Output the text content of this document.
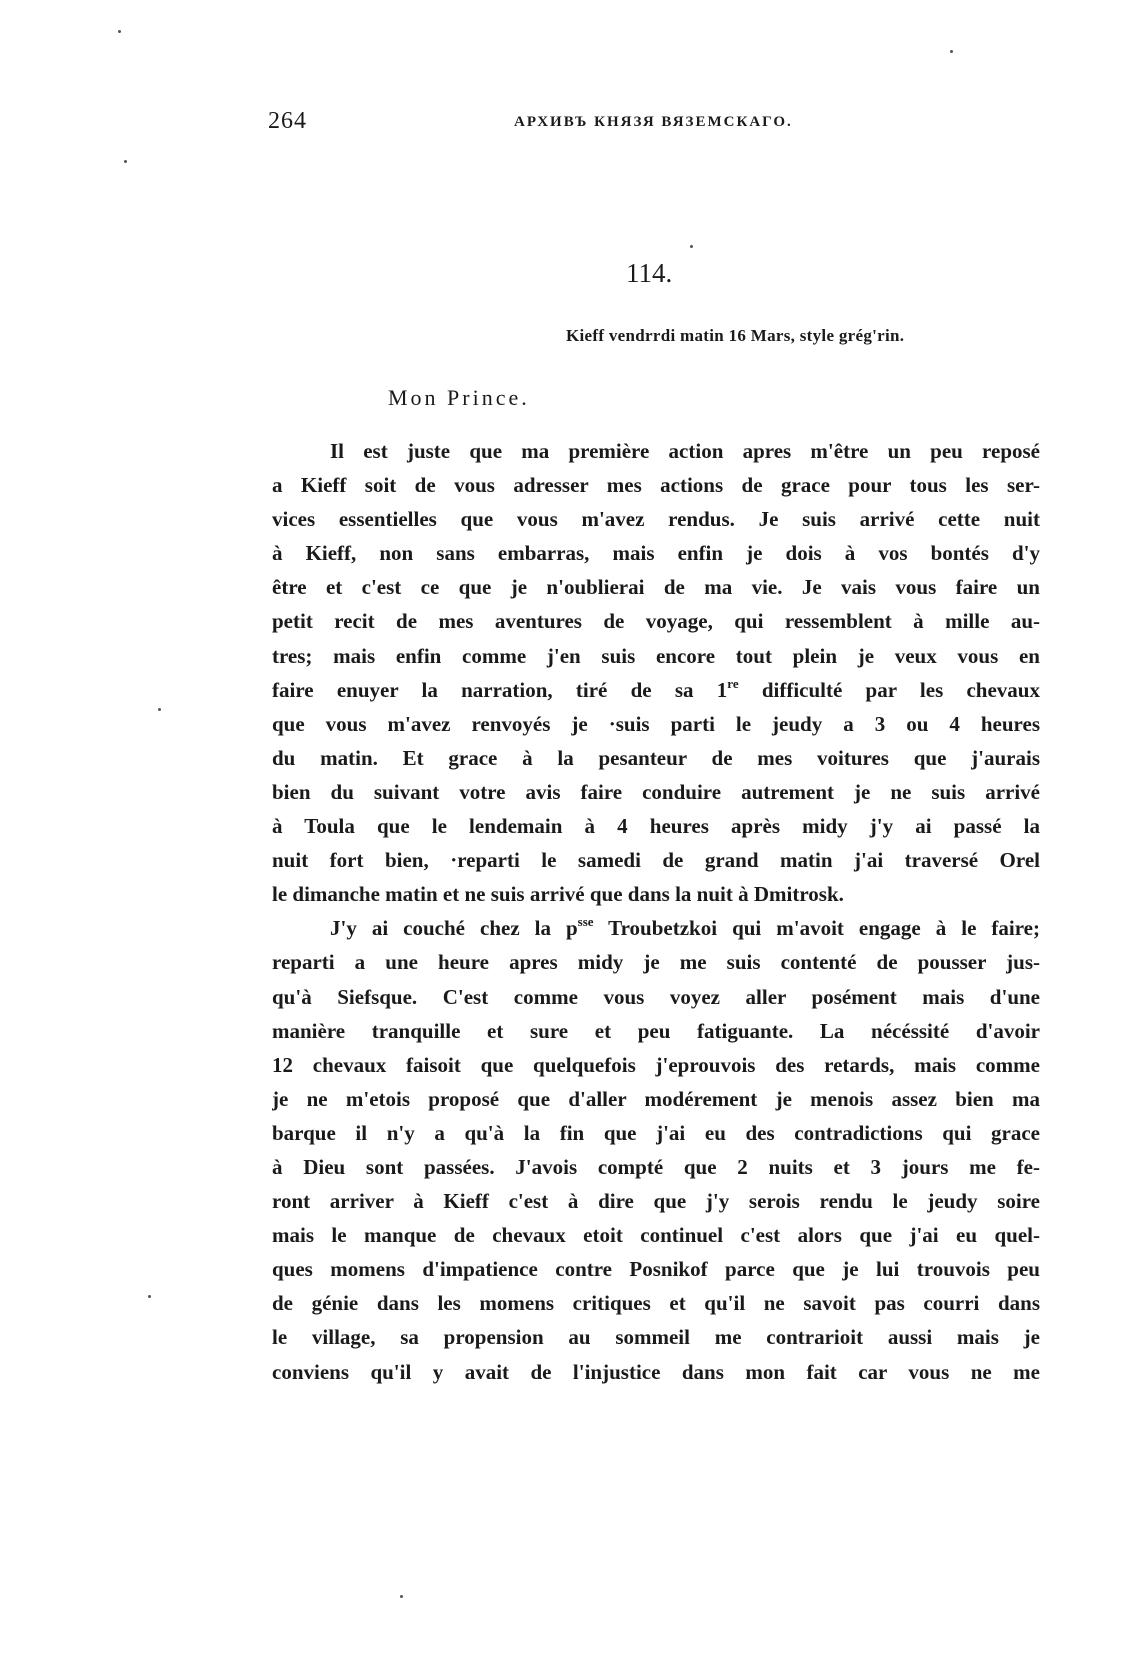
264	АРХИВЪ КНЯЗЯ ВЯЗЕМСКАГО.
114.
Kieff vendrrdi matin 16 Mars, style grég'rin.
Mon Prince.
Il est juste que ma première action apres m'être un peu reposé
a Kieff soit de vous adresser mes actions de grace pour tous les ser-
vices essentielles que vous m'avez rendus. Je suis arrivé cette nuit
à Kieff, non sans embarras, mais enfin je dois à vos bontés d'y
être et c'est ce que je n'oublierai de ma vie. Je vais vous faire un
petit recit de mes aventures de voyage, qui ressemblent à mille au-
tres; mais enfin comme j'en suis encore tout plein je veux vous en
faire enuyer la narration, tiré de sa 1re difficulté par les chevaux
que vous m'avez renvoyés je ·suis parti le jeudy a 3 ou 4 heures
du matin. Et grace à la pesanteur de mes voitures que j'aurais
bien du suivant votre avis faire conduire autrement je ne suis arrivé
à Toula que le lendemain à 4 heures après midy j'y ai passé la
nuit fort bien, ·reparti le samedi de grand matin j'ai traversé Orel
le dimanche matin et ne suis arrivé que dans la nuit à Dmitrosk.
J'y ai couché chez la $p^{sse}$ Troubetzkoi qui m'avoit engage à le faire;
reparti a une heure apres midy je me suis contenté de pousser jus-
qu'à Siefsque. C'est comme vous voyez aller posément mais d'une
manière tranquille et sure et peu fatiguante. La nécéssité d'avoir
12 chevaux faisoit que quelquefois j'eprouvois des retards, mais comme
je ne m'etois proposé que d'aller modérement je menois assez bien ma
barque il n'y a qu'à la fin que j'ai eu des contradictions qui grace
à Dieu sont passées. J'avois compté que 2 nuits et 3 jours me fe-
ront arriver à Kieff c'est à dire que j'y serois rendu le jeudy soire
mais le manque de chevaux etoit continuel c'est alors que j'ai eu quel-
ques momens d'impatience contre Posnikof parce que je lui trouvois peu
de génie dans les momens critiques et qu'il ne savoit pas courri dans
le village, sa propension au sommeil me contrarioit aussi mais je
conviens qu'il y avait de l'injustice dans mon fait car vous ne me
